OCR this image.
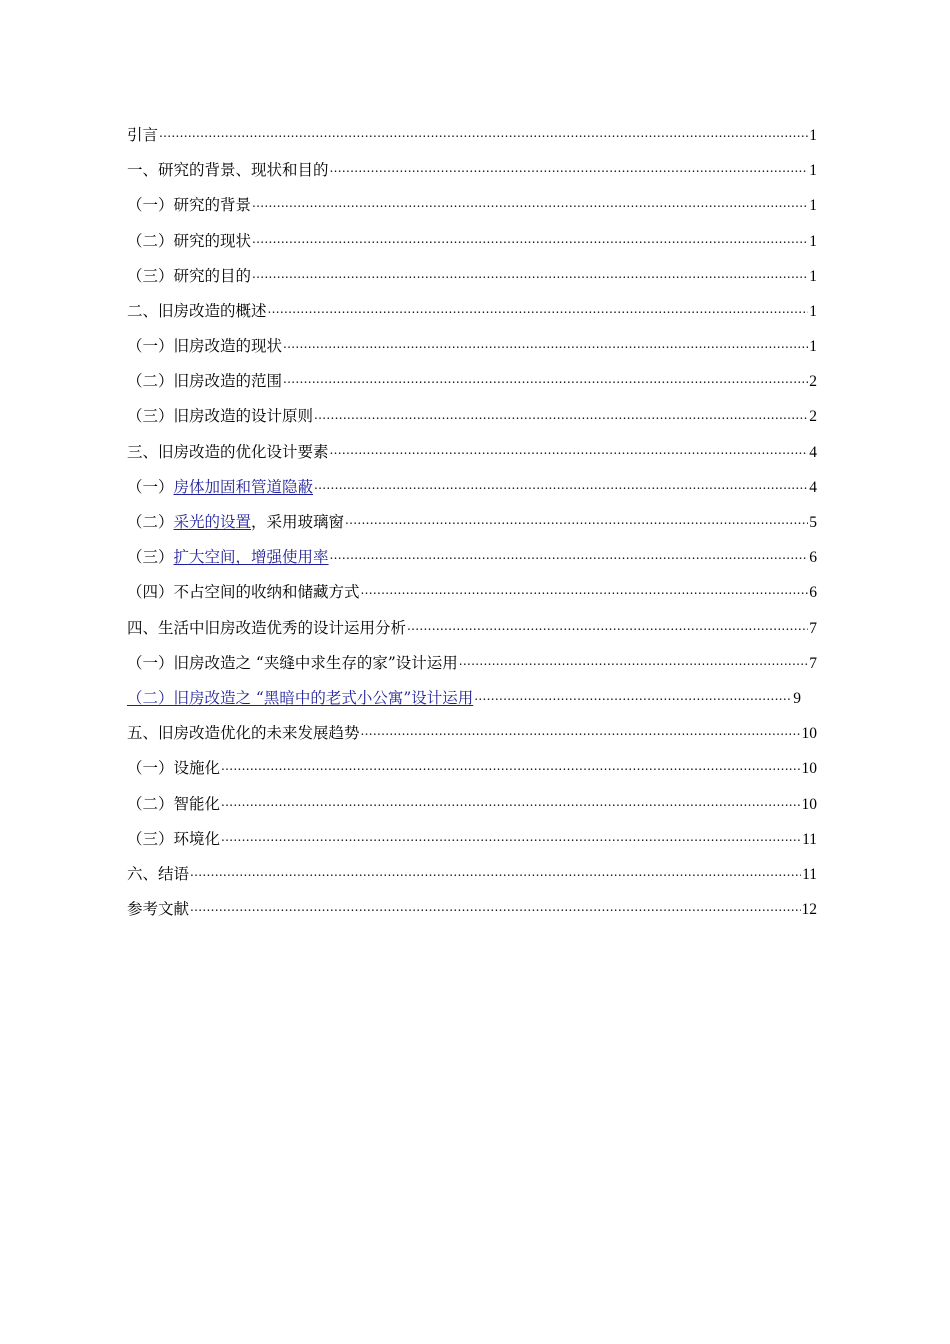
引言 .....	1
一、研究的背景、现状和目的 .....	1
（一）研究的背景 .....	1
（二）研究的现状 .....	1
（三）研究的目的 .....	1
二、旧房改造的概述 .....	1
（一）旧房改造的现状 .....	1
（二）旧房改造的范围 .....	2
（三）旧房改造的设计原则 .....	2
三、旧房改造的优化设计要素 .....	4
（一）房体加固和管道隐蔽 .....	4
（二）采光的设置，采用玻璃窗 .....	5
（三）扩大空间，增强使用率 .....	6
（四）不占空间的收纳和储藏方式 .....	6
四、生活中旧房改造优秀的设计运用分析 .....	7
（一）旧房改造之 “夹缝中求生存的家”设计运用 .....	7
（二）旧房改造之 “黑暗中的老式小公寓”设计运用 .....	9
五、旧房改造优化的未来发展趋势 .....	10
（一）设施化 .....	10
（二）智能化 .....	10
（三）环境化 .....	11
六、结语 .....	11
参考文献 .....	12
